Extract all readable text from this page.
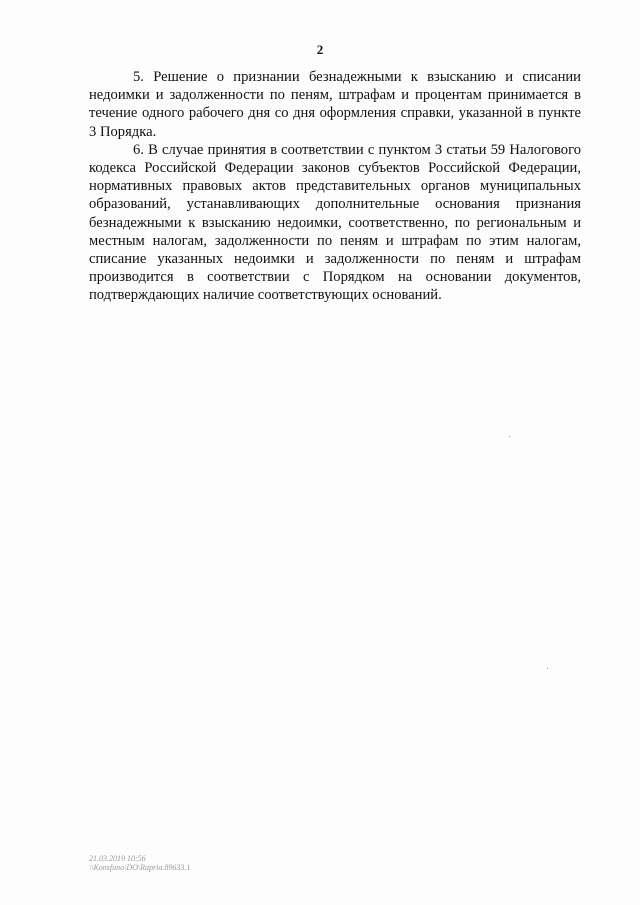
2

5. Решение о признании безнадежными к взысканию и списании недоимки и задолженности по пеням, штрафам и процентам принимается в течение одного рабочего дня со дня оформления справки, указанной в пункте 3 Порядка.

6. В случае принятия в соответствии с пунктом 3 статьи 59 Налогового кодекса Российской Федерации законов субъектов Российской Федерации, нормативных правовых актов представительных органов муниципальных образований, устанавливающих дополнительные основания признания безнадежными к взысканию недоимки, соответственно, по региональным и местным налогам, задолженности по пеням и штрафам по этим налогам, списание указанных недоимки и задолженности по пеням и штрафам производится в соответствии с Порядком на основании документов, подтверждающих наличие соответствующих оснований.

21.03.2019 10:56
\\Konsfuno\DO\Rapria.89633.1
